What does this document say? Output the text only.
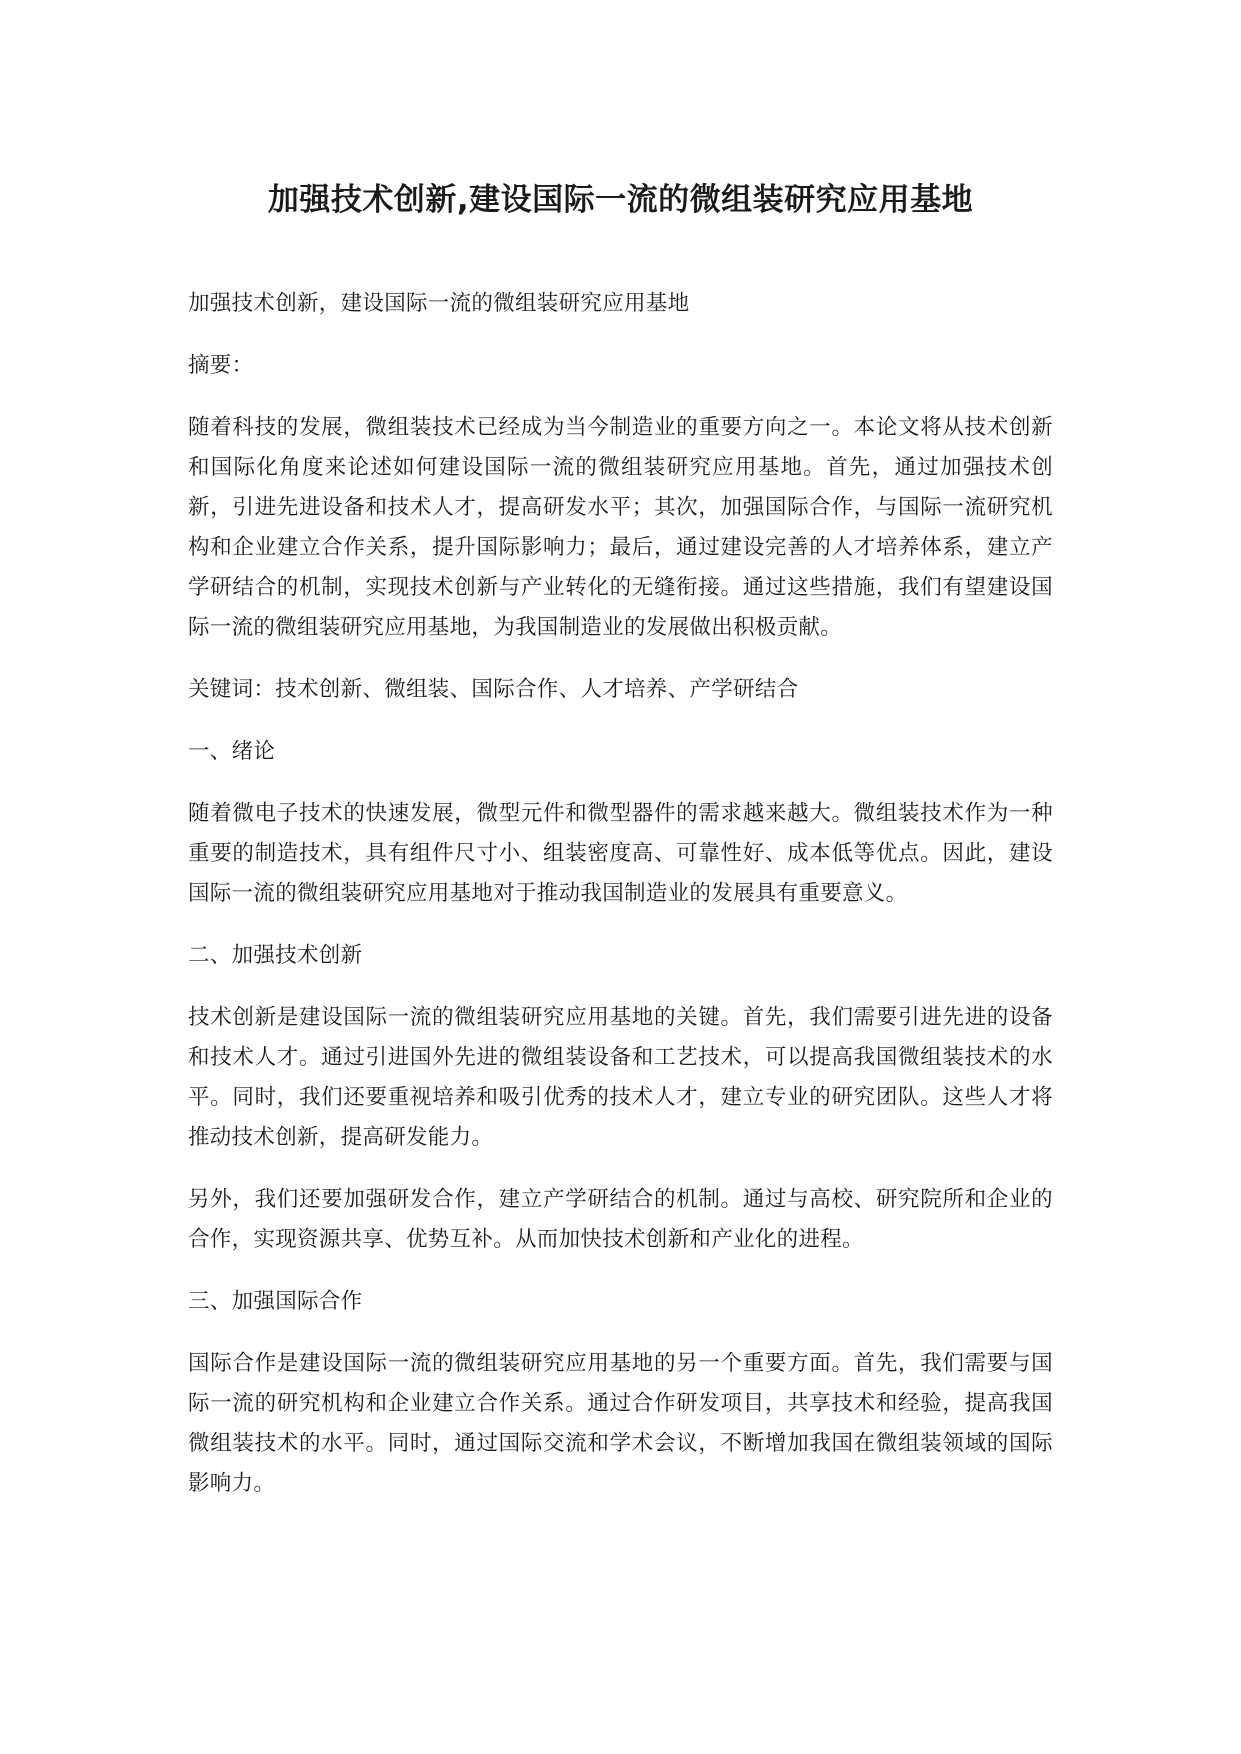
加强技术创新,建设国际一流的微组装研究应用基地

加强技术创新，建设国际一流的微组装研究应用基地

摘要：

随着科技的发展，微组装技术已经成为当今制造业的重要方向之一。本论文将从技术创新和国际化角度来论述如何建设国际一流的微组装研究应用基地。首先，通过加强技术创新，引进先进设备和技术人才，提高研发水平；其次，加强国际合作，与国际一流研究机构和企业建立合作关系，提升国际影响力；最后，通过建设完善的人才培养体系，建立产学研结合的机制，实现技术创新与产业转化的无缝衔接。通过这些措施，我们有望建设国际一流的微组装研究应用基地，为我国制造业的发展做出积极贡献。

关键词：技术创新、微组装、国际合作、人才培养、产学研结合

一、绪论

随着微电子技术的快速发展，微型元件和微型器件的需求越来越大。微组装技术作为一种重要的制造技术，具有组件尺寸小、组装密度高、可靠性好、成本低等优点。因此，建设国际一流的微组装研究应用基地对于推动我国制造业的发展具有重要意义。

二、加强技术创新

技术创新是建设国际一流的微组装研究应用基地的关键。首先，我们需要引进先进的设备和技术人才。通过引进国外先进的微组装设备和工艺技术，可以提高我国微组装技术的水平。同时，我们还要重视培养和吸引优秀的技术人才，建立专业的研究团队。这些人才将推动技术创新，提高研发能力。

另外，我们还要加强研发合作，建立产学研结合的机制。通过与高校、研究院所和企业的合作，实现资源共享、优势互补。从而加快技术创新和产业化的进程。

三、加强国际合作

国际合作是建设国际一流的微组装研究应用基地的另一个重要方面。首先，我们需要与国际一流的研究机构和企业建立合作关系。通过合作研发项目，共享技术和经验，提高我国微组装技术的水平。同时，通过国际交流和学术会议，不断增加我国在微组装领域的国际影响力。
